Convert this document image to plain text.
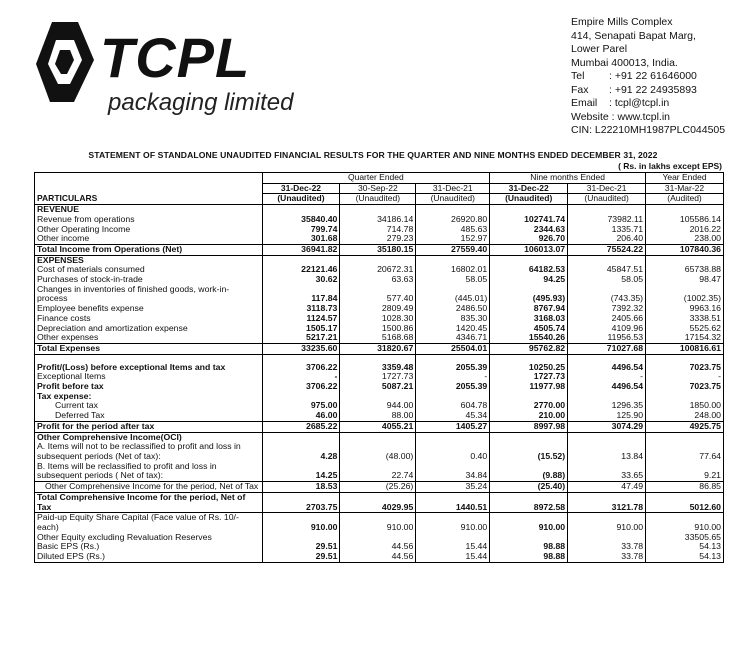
TCPL
packaging limited
Empire Mills Complex
414, Senapati Bapat Marg,
Lower Parel
Mumbai 400013, India.
Tel : +91 22 61646000
Fax : +91 22 24935893
Email : tcpl@tcpl.in
Website : www.tcpl.in
CIN: L22210MH1987PLC044505
STATEMENT OF STANDALONE UNAUDITED FINANCIAL RESULTS FOR THE QUARTER AND NINE MONTHS ENDED DECEMBER 31, 2022
( Rs. in lakhs except EPS)
PARTICULARS	Quarter Ended			Nine months Ended		Year Ended
	31-Dec-22	30-Sep-22	31-Dec-21	31-Dec-22	31-Dec-21	31-Mar-22
	(Unaudited)	(Unaudited)	(Unaudited)	(Unaudited)	(Unaudited)	(Audited)
REVENUE						
Revenue from operations	35840.40	34186.14	26920.80	102741.74	73982.11	105586.14
Other Operating Income	799.74	714.78	485.63	2344.63	1335.71	2016.22
Other income	301.68	279.23	152.97	926.70	206.40	238.00
Total Income from Operations (Net)	36941.82	35180.15	27559.40	106013.07	75524.22	107840.36
EXPENSES						
Cost of materials consumed	22121.46	20672.31	16802.01	64182.53	45847.51	65738.88
Purchases of stock-in-trade	30.62	63.63	58.05	94.25	58.05	98.47
Changes in inventories of finished goods, work-in-process	117.84	577.40	(445.01)	(495.93)	(743.35)	(1002.35)
Employee benefits expense	3118.73	2809.49	2486.50	8767.94	7392.32	9963.16
Finance costs	1124.57	1028.30	835.30	3168.03	2405.66	3338.51
Depreciation and amortization expense	1505.17	1500.86	1420.45	4505.74	4109.96	5525.62
Other expenses	5217.21	5168.68	4346.71	15540.26	11956.53	17154.32
Total Expenses	33235.60	31820.67	25504.01	95762.82	71027.68	100816.61

Profit/(Loss) before exceptional Items and tax	3706.22	3359.48	2055.39	10250.25	4496.54	7023.75
Exceptional Items	-	1727.73	-	1727.73	-	-
Profit before tax	3706.22	5087.21	2055.39	11977.98	4496.54	7023.75
Tax expense:						
Current tax	975.00	944.00	604.78	2770.00	1296.35	1850.00
Deferred Tax	46.00	88.00	45.34	210.00	125.90	248.00
Profit for the period after tax	2685.22	4055.21	1405.27	8997.98	3074.29	4925.75
Other Comprehensive Income(OCI)						
A. Items will not to be reclassified to profit and loss in subsequent periods (Net of tax):	4.28	(48.00)	0.40	(15.52)	13.84	77.64
B. Items will be reclassified to profit and loss in subsequent periods ( Net of tax):	14.25	22.74	34.84	(9.88)	33.65	9.21
Other Comprehensive Income for the period, Net of Tax	18.53	(25.26)	35.24	(25.40)	47.49	86.85
Total Comprehensive Income for the period, Net of Tax	2703.75	4029.95	1440.51	8972.58	3121.78	5012.60
Paid-up Equity Share Capital (Face value of Rs. 10/-each)	910.00	910.00	910.00	910.00	910.00	910.00
Other Equity excluding Revaluation Reserves						33505.65
Basic EPS (Rs.)	29.51	44.56	15.44	98.88	33.78	54.13
Diluted EPS (Rs.)	29.51	44.56	15.44	98.88	33.78	54.13
